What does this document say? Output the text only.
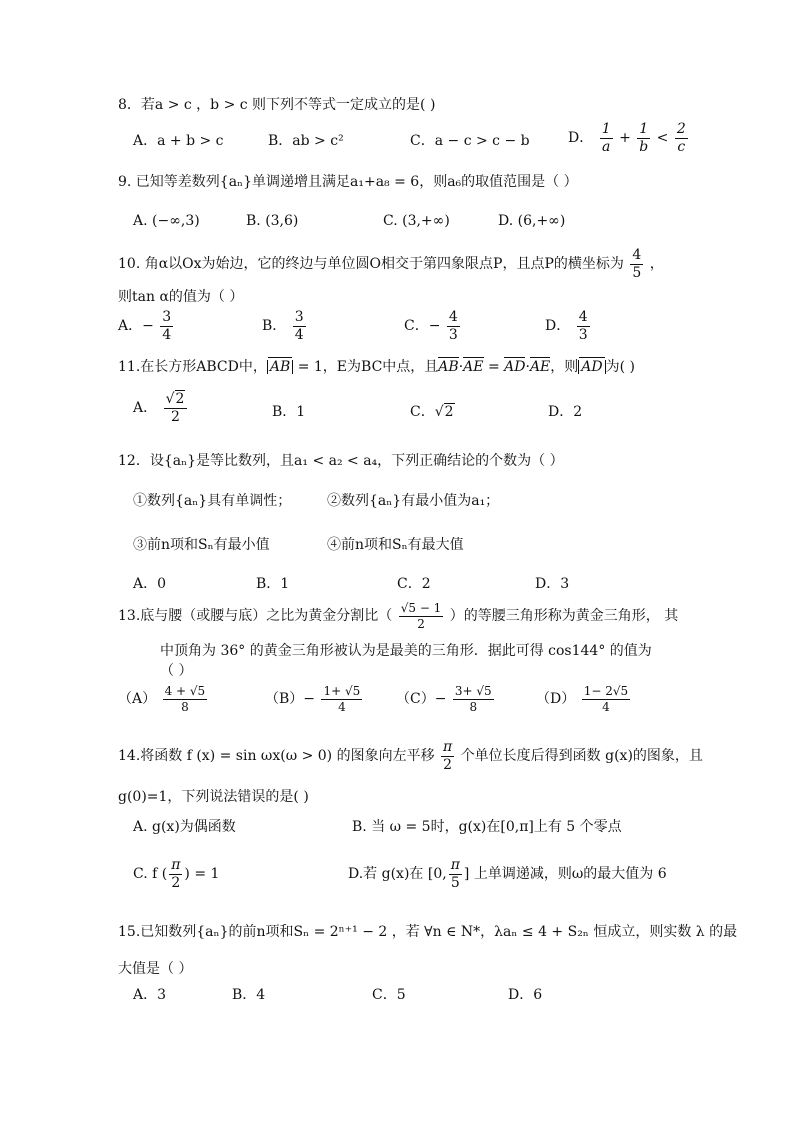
8．若a > c ，b > c 则下列不等式一定成立的是( )
A．a + b > c	B．ab > c²	C．a − c > c − b	D． $\frac{1}{a} + \frac{1}{b} < \frac{2}{c}$
9. 已知等差数列{aₙ}单调递增且满足a₁+a₈ = 6，则a₆的取值范围是（ ）
A. (−∞,3)	B. (3,6)	C. (3,+∞)	D. (6,+∞)
10. 角α以Ox为始边，它的终边与单位圆O相交于第四象限点P，且点P的横坐标为 $\frac{4}{5}$ ，
则tan α的值为（ ）
A．− $\frac{3}{4}$	B． $\frac{3}{4}$	C．− $\frac{4}{3}$	D． $\frac{4}{3}$
11.在长方形ABCD中， AB = 1，E为BC中点，且AB·AE = AD·AE，则 AD 为( )
A． $\frac{√2}{2}$	B．1	C．√2	D．2
12．设{aₙ}是等比数列，且a₁ < a₂ < a₄，下列正确结论的个数为（ ）
①数列{aₙ}具有单调性；	②数列{aₙ}有最小值为a₁；
③前n项和Sₙ有最小值	④前n项和Sₙ有最大值
A．0	B．1	C．2	D．3
13.底与腰（或腰与底）之比为黄金分割比（ $\frac{√5 - 1}{2}$ ）的等腰三角形称为黄金三角形， 其
中顶角为 36° 的黄金三角形被认为是最美的三角形．据此可得 cos144° 的值为
（ ）
$(A) \frac{4 + √5}{8}$	$(B)- \frac{1+ √5}{4} (C)- \frac{3+ √5}{8}$	$(D) \frac{1- 2√5}{4}$
14.将函数 f (x) = sin ωx(ω > 0) 的图象向左平移 $\frac{\pi}{2}$ 个单位长度后得到函数 g(x)的图象，且
g(0)=1，下列说法错误的是( )
A. g(x)为偶函数	B. 当 ω = 5时，g(x)在[0,π]上有 5 个零点
C. f ( $\frac{\pi}{2}$ ) = 1	D.若 g(x)在 [0, $\frac{\pi}{5}$ ] 上单调递减，则ω的最大值为 6
15.已知数列{aₙ}的前n项和Sₙ = 2ⁿ⁺¹ − 2 ，若 ∀n ∈ N*，λaₙ ≤ 4 + S₂ₙ 恒成立，则实数 λ 的最
大值是（ ）
A．3	B．4	C．5	D．6
